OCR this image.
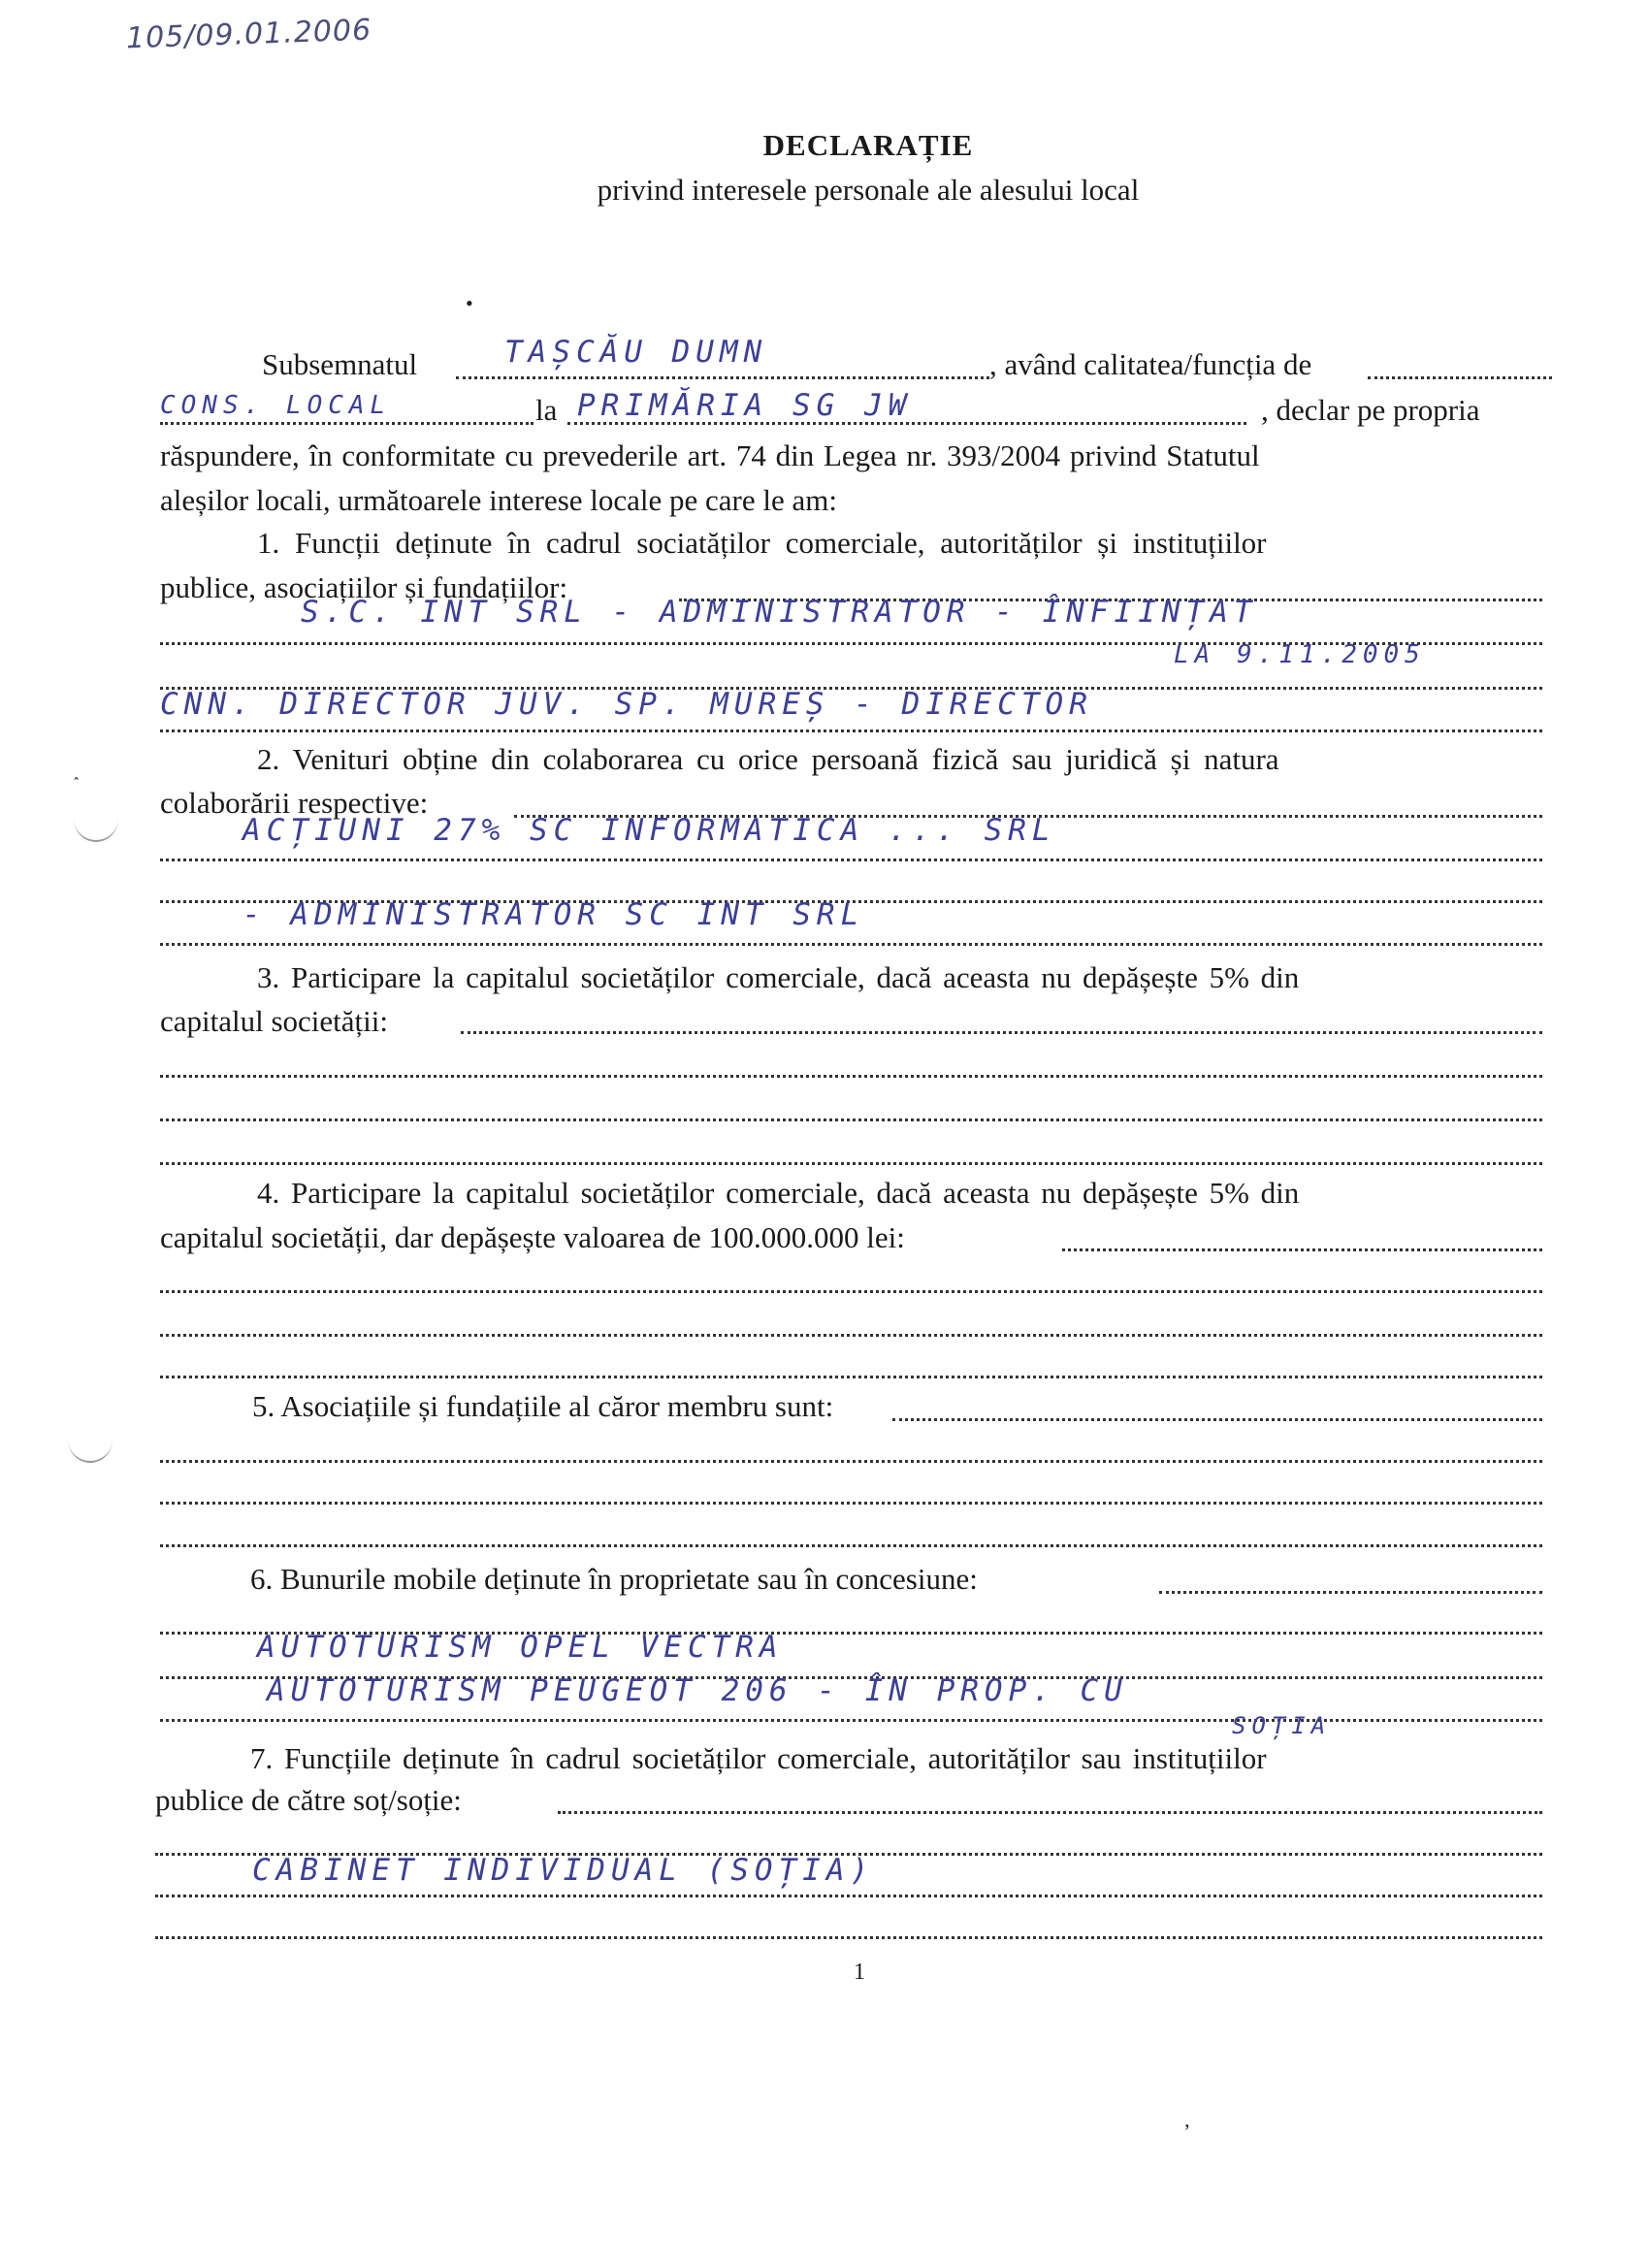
105/09.01.2006
DECLARAȚIE
privind interesele personale ale alesului local
Subsemnatul	TAȘCĂU DUMN	, având calitatea/funcția de
CONS. LOCAL	la PRIMĂRIA SG JW	, declar pe propria
răspundere, în conformitate cu prevederile art. 74 din Legea nr. 393/2004 privind Statutul
aleșilor locali, următoarele interese locale pe care le am:
1. Funcții deținute în cadrul sociatăților comerciale, autorităților și instituțiilor
publice, asociațiilor și fundațiilor:
S.C. INT SRL - ADMINISTRATOR - ÎNFIINȚAT
LA 9.11.2005
CNN. DIRECTOR JUV. SP. MUREȘ - DIRECTOR
2. Venituri obține din colaborarea cu orice persoană fizică sau juridică și natura
colaborării respective:
ACȚIUNI 27% SC INFORMATICA ... SRL
- ADMINISTRATOR SC INT SRL
3. Participare la capitalul societăților comerciale, dacă aceasta nu depășește 5% din
capitalul societății:
4. Participare la capitalul societăților comerciale, dacă aceasta nu depășește 5% din
capitalul societății, dar depășește valoarea de 100.000.000 lei:
5. Asociațiile și fundațiile al căror membru sunt:
6. Bunurile mobile deținute în proprietate sau în concesiune:
AUTOTURISM OPEL VECTRA
AUTOTURISM PEUGEOT 206 - ÎN PROP. CU
SOȚIA
7. Funcțiile deținute în cadrul societăților comerciale, autorităților sau instituțiilor
publice de către soț/soție:
CABINET INDIVIDUAL (SOȚIA)
1
•
˰
ʼ
